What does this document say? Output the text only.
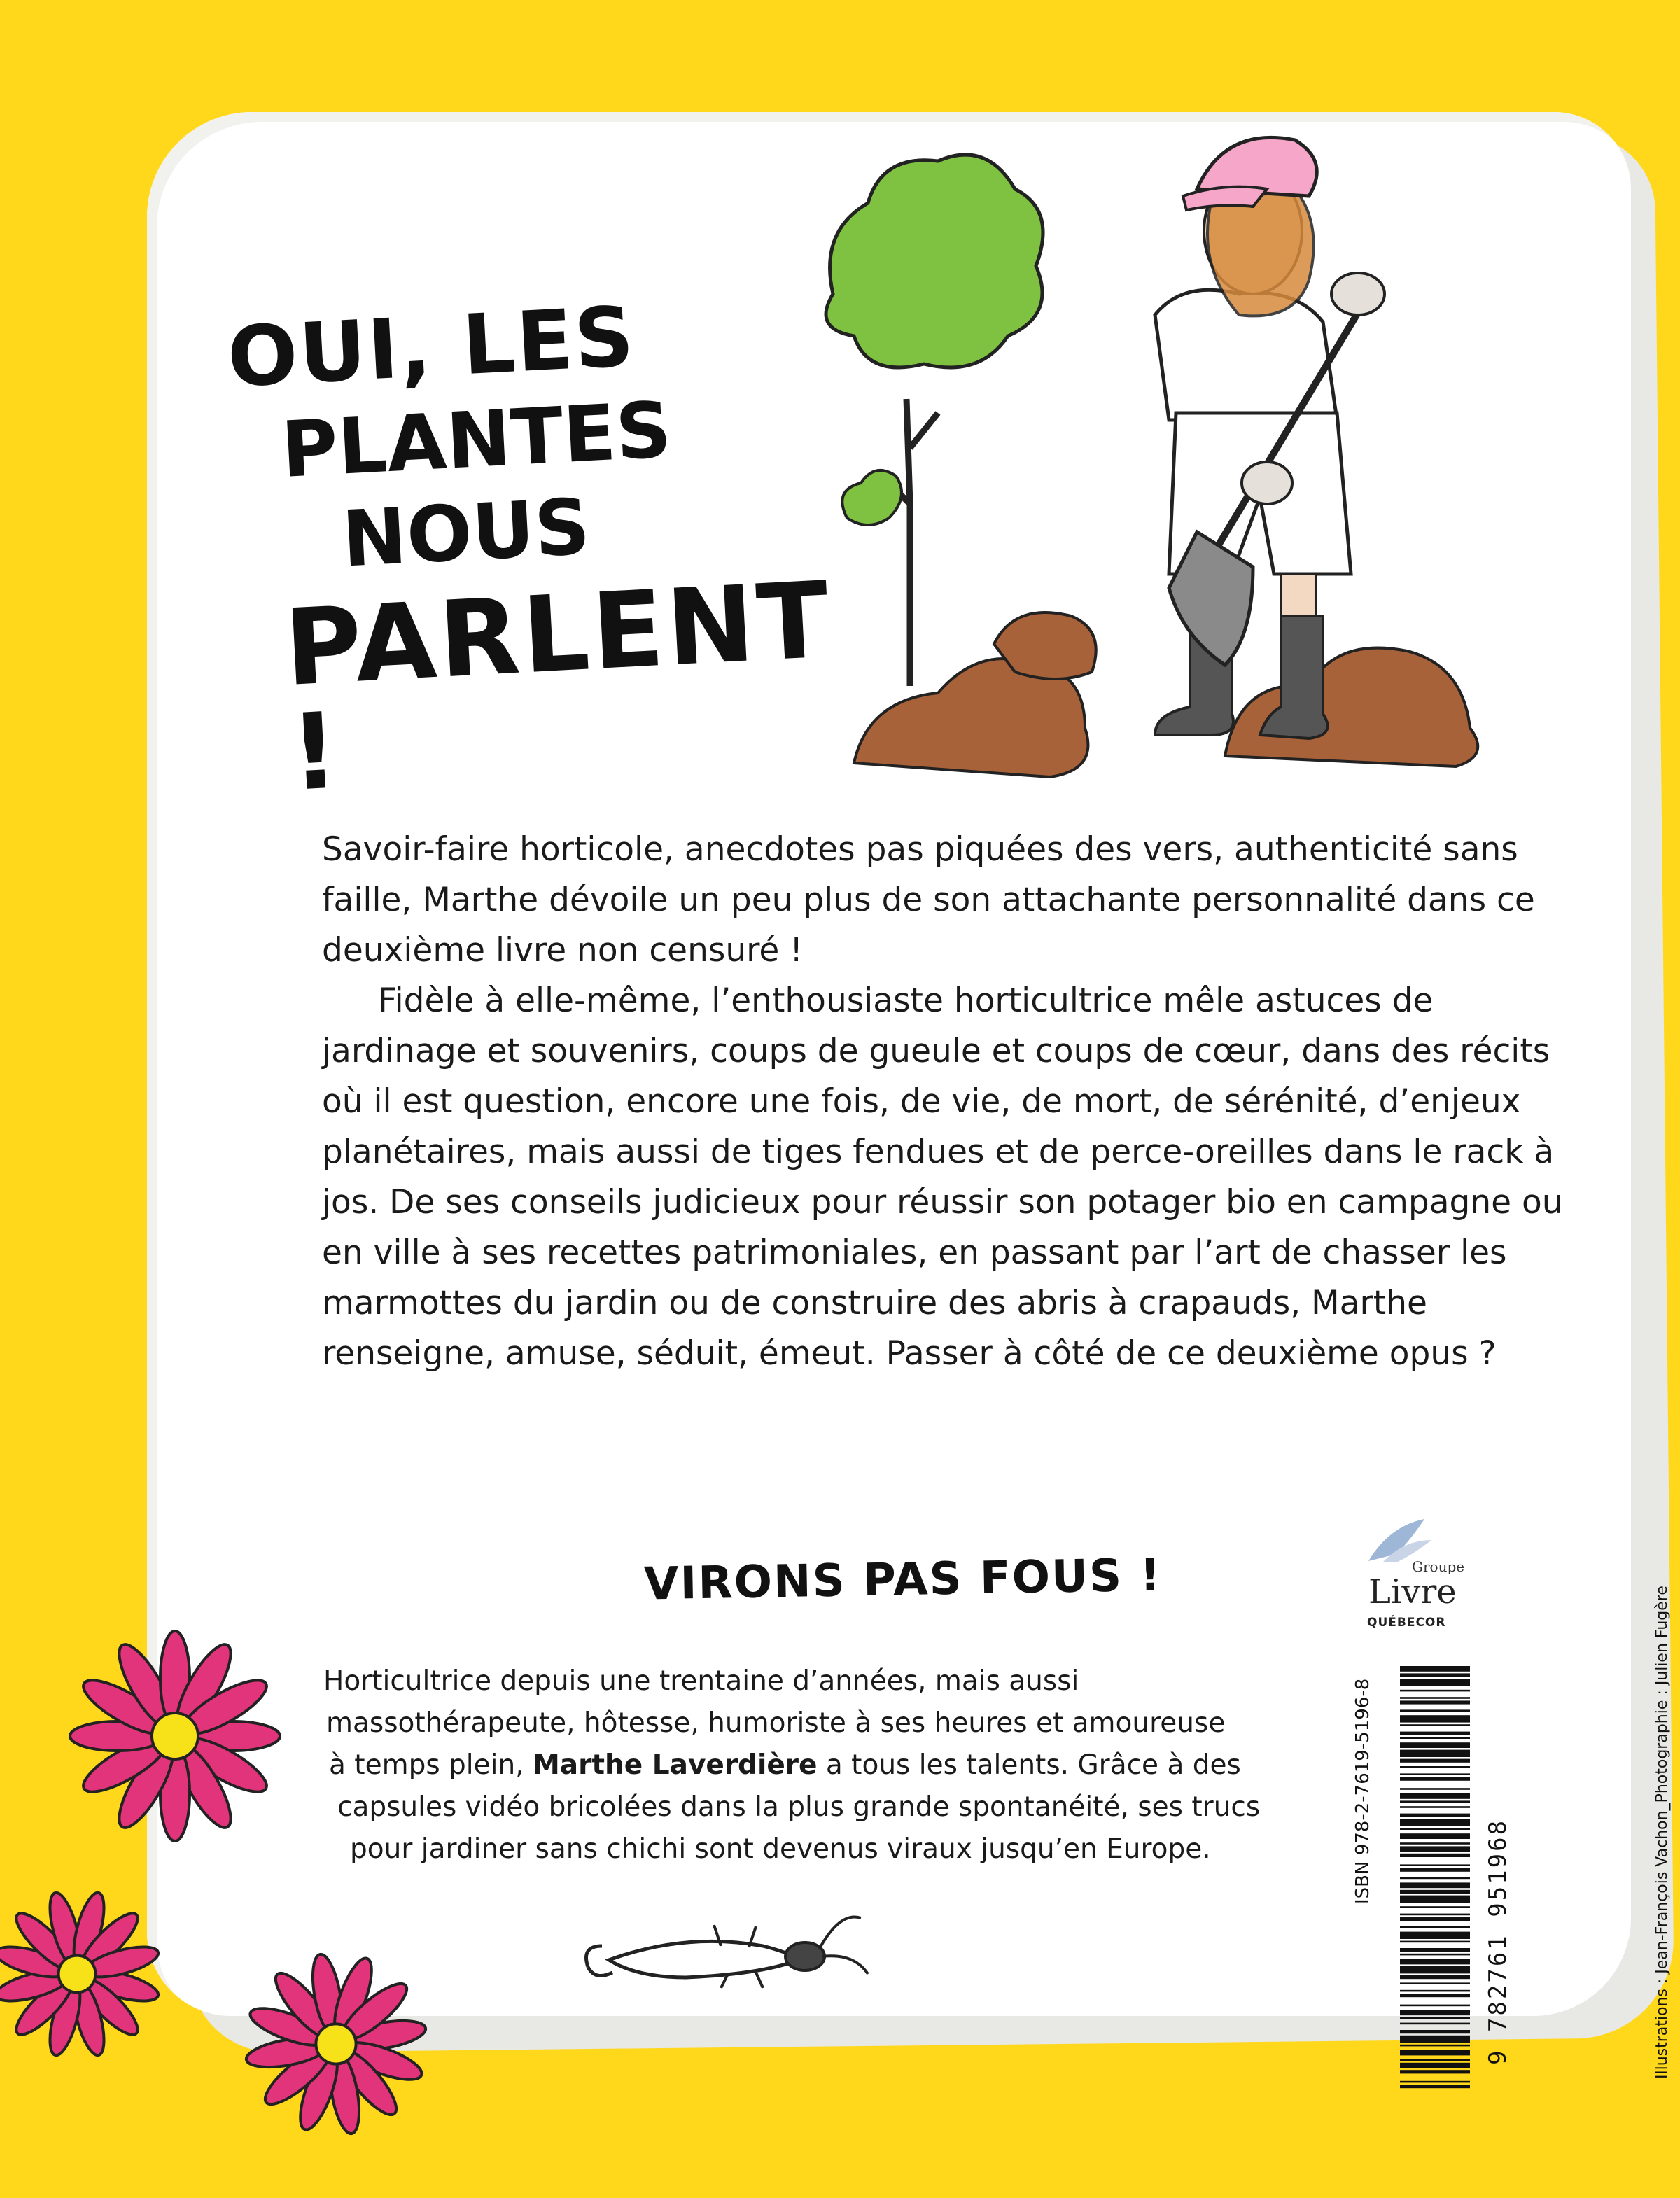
OUI, LES
PLANTES
NOUS
PARLENT !

Savoir-faire horticole, anecdotes pas piquées des vers, authenticité sans faille, Marthe dévoile un peu plus de son attachante personnalité dans ce deuxième livre non censuré !

Fidèle à elle-même, l’enthousiaste horticultrice mêle astuces de jardinage et souvenirs, coups de gueule et coups de cœur, dans des récits où il est question, encore une fois, de vie, de mort, de sérénité, d’enjeux planétaires, mais aussi de tiges fendues et de perce-oreilles dans le rack à jos. De ses conseils judicieux pour réussir son potager bio en campagne ou en ville à ses recettes patrimoniales, en passant par l’art de chasser les marmottes du jardin ou de construire des abris à crapauds, Marthe renseigne, amuse, séduit, émeut. Passer à côté de ce deuxième opus ?

VIRONS PAS FOUS !	Groupe
Livre
QUÉBECOR
Horticultrice depuis une trentaine d’années, mais aussi
massothérapeute, hôtesse, humoriste à ses heures et amoureuse
à temps plein, Marthe Laverdière a tous les talents. Grâce à des
capsules vidéo bricolées dans la plus grande spontanéité, ses trucs
pour jardiner sans chichi sont devenus viraux jusqu’en Europe.	ISBN 978-2-7619-5196-8
9 782761 951968	Illustrations : Jean-François Vachon_Photographie : Julien Fugère
